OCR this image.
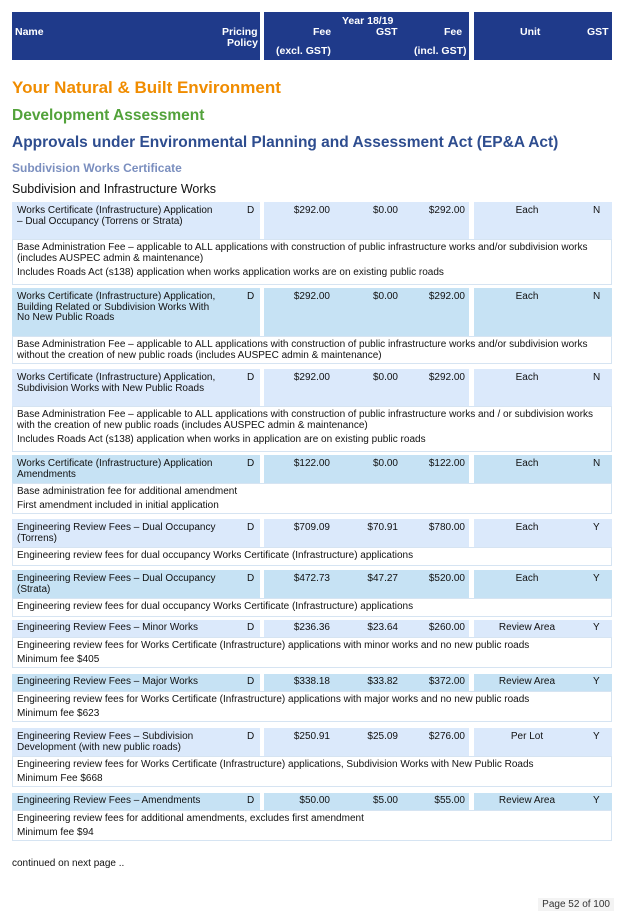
Name	Pricing
Policy
Year 18/19
Fee	GST	Fee
(excl. GST)	(incl. GST)
Unit	GST
Your Natural & Built Environment
Development Assessment
Approvals under Environmental Planning and Assessment Act (EP&A Act)
Subdivision Works Certificate
Subdivision and Infrastructure Works
Works Certificate (Infrastructure) Application – Dual Occupancy (Torrens or Strata)
D	$292.00	$0.00	$292.00	Each	N
Base Administration Fee – applicable to ALL applications with construction of public infrastructure works and/or subdivision works (includes AUSPEC admin & maintenance)
Includes Roads Act (s138) application when works application works are on existing public roads
Works Certificate (Infrastructure) Application, Building Related or Subdivision Works With No New Public Roads
D	$292.00	$0.00	$292.00	Each	N
Base Administration Fee – applicable to ALL applications with construction of public infrastructure works and/or subdivision works without the creation of new public roads (includes AUSPEC admin & maintenance)
Works Certificate (Infrastructure) Application, Subdivision Works with New Public Roads
D	$292.00	$0.00	$292.00	Each	N
Base Administration Fee – applicable to ALL applications with construction of public infrastructure works and / or subdivision works with the creation of new public roads (includes AUSPEC admin & maintenance)
Includes Roads Act (s138) application when works in application are on existing public roads
Works Certificate (Infrastructure) Application Amendments
D	$122.00	$0.00	$122.00	Each	N
Base administration fee for additional amendment
First amendment included in initial application
Engineering Review Fees – Dual Occupancy (Torrens)
D	$709.09	$70.91	$780.00	Each	Y
Engineering review fees for dual occupancy Works Certificate (Infrastructure) applications
Engineering Review Fees – Dual Occupancy (Strata)
D	$472.73	$47.27	$520.00	Each	Y
Engineering review fees for dual occupancy Works Certificate (Infrastructure) applications
Engineering Review Fees – Minor Works	D	$236.36	$23.64	$260.00	Review Area	Y
Engineering review fees for Works Certificate (Infrastructure) applications with minor works and no new public roads
Minimum fee $405
Engineering Review Fees – Major Works	D	$338.18	$33.82	$372.00	Review Area	Y
Engineering review fees for Works Certificate (Infrastructure) applications with major works and no new public roads
Minimum fee $623
Engineering Review Fees – Subdivision Development (with new public roads)
D	$250.91	$25.09	$276.00	Per Lot	Y
Engineering review fees for Works Certificate (Infrastructure) applications, Subdivision Works with New Public Roads
Minimum Fee $668
Engineering Review Fees – Amendments	D	$50.00	$5.00	$55.00	Review Area	Y
Engineering review fees for additional amendments, excludes first amendment
Minimum fee $94
continued on next page ..
Page 52 of 100
